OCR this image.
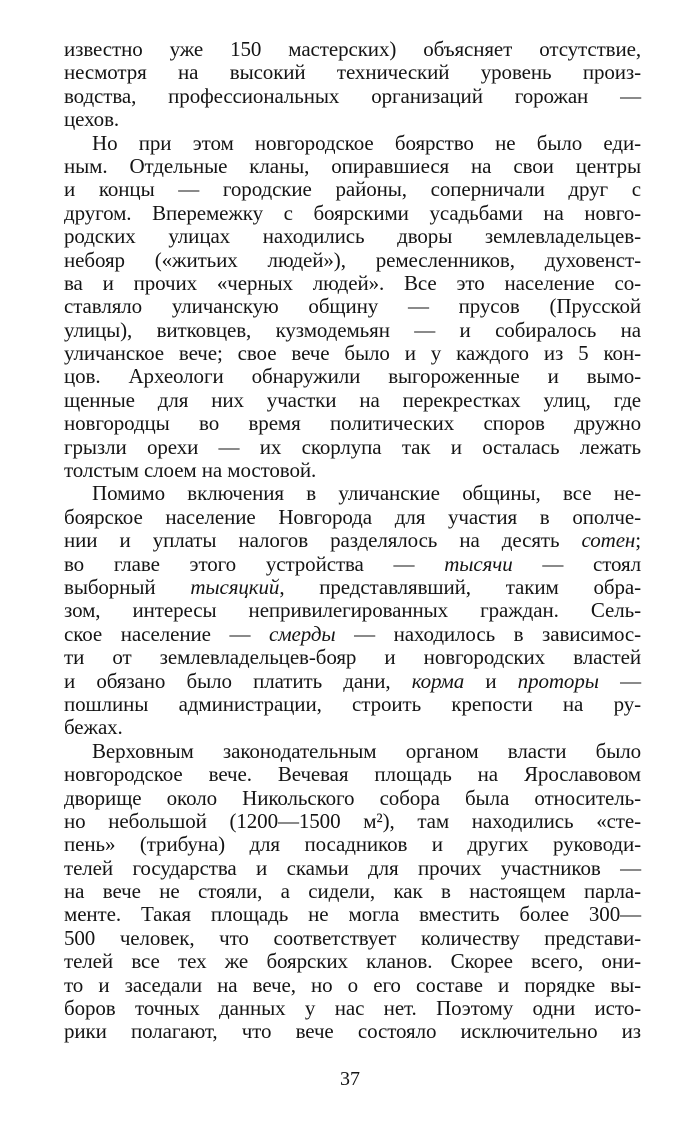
известно уже 150 мастерских) объясняет отсутствие,
несмотря на высокий технический уровень произ-
водства, профессиональных организаций горожан —
цехов.
Но при этом новгородское боярство не было еди-
ным. Отдельные кланы, опиравшиеся на свои центры
и концы — городские районы, соперничали друг с
другом. Вперемежку с боярскими усадьбами на новго-
родских улицах находились дворы землевладельцев-
небояр («житьих людей»), ремесленников, духовенст-
ва и прочих «черных людей». Все это население со-
ставляло уличанскую общину — прусов (Прусской
улицы), витковцев, кузмодемьян — и собиралось на
уличанское вече; свое вече было и у каждого из 5 кон-
цов. Археологи обнаружили выгороженные и вымо-
щенные для них участки на перекрестках улиц, где
новгородцы во время политических споров дружно
грызли орехи — их скорлупа так и осталась лежать
толстым слоем на мостовой.
Помимо включения в уличанские общины, все не-
боярское население Новгорода для участия в ополче-
нии и уплаты налогов разделялось на десять сотен;
во главе этого устройства — тысячи — стоял
выборный тысяцкий, представлявший, таким обра-
зом, интересы непривилегированных граждан. Сель-
ское население — смерды — находилось в зависимос-
ти от землевладельцев-бояр и новгородских властей
и обязано было платить дани, корма и проторы —
пошлины администрации, строить крепости на ру-
бежах.
Верховным законодательным органом власти было
новгородское вече. Вечевая площадь на Ярославовом
дворище около Никольского собора была относитель-
но небольшой (1200—1500 м²), там находились «сте-
пень» (трибуна) для посадников и других руководи-
телей государства и скамьи для прочих участников —
на вече не стояли, а сидели, как в настоящем парла-
менте. Такая площадь не могла вместить более 300—
500 человек, что соответствует количеству представи-
телей все тех же боярских кланов. Скорее всего, они-
то и заседали на вече, но о его составе и порядке вы-
боров точных данных у нас нет. Поэтому одни исто-
рики полагают, что вече состояло исключительно из
37
